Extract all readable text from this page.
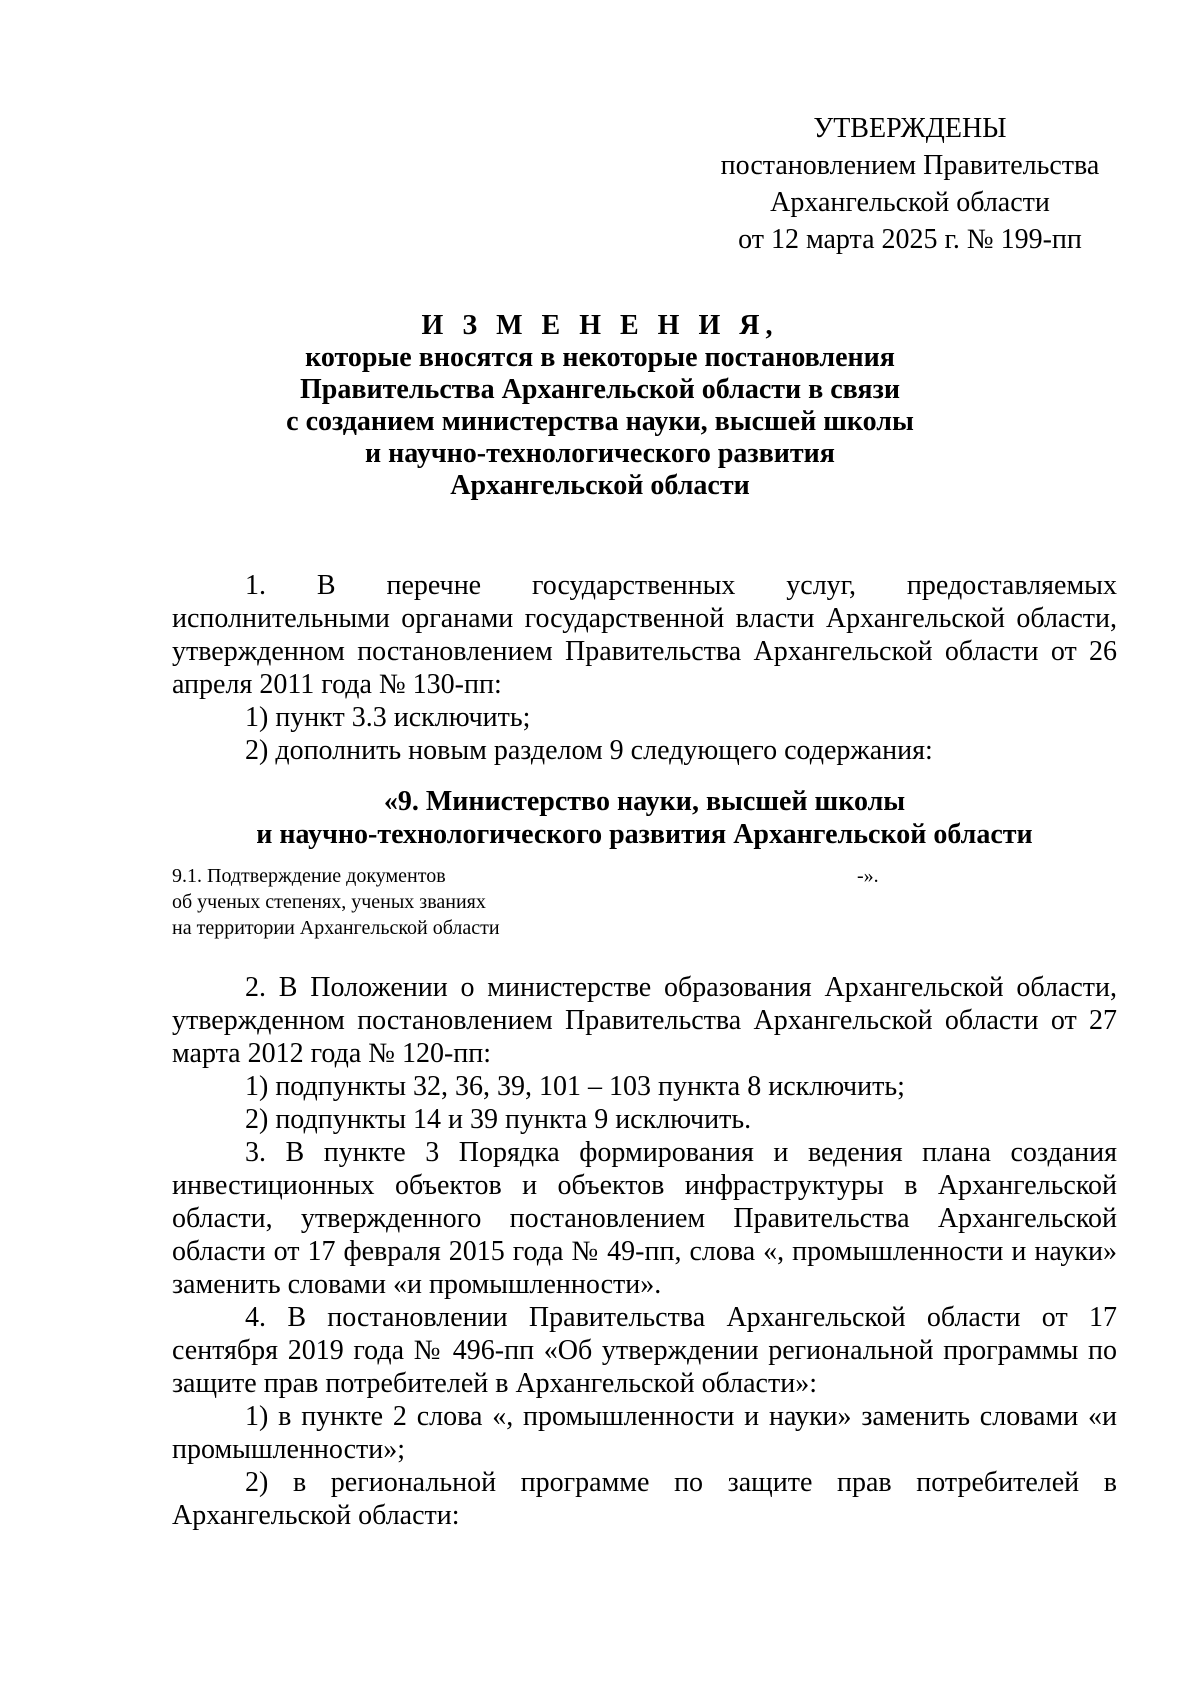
УТВЕРЖДЕНЫ
постановлением Правительства
Архангельской области
от 12 марта 2025 г. № 199-пп
И З М Е Н Е Н И Я,
которые вносятся в некоторые постановления
Правительства Архангельской области в связи
с созданием министерства науки, высшей школы
и научно-технологического развития
Архангельской области

1. В перечне государственных услуг, предоставляемых исполнительными органами государственной власти Архангельской области, утвержденном постановлением Правительства Архангельской области от 26 апреля 2011 года № 130-пп:

1) пункт 3.3 исключить;

2) дополнить новым разделом 9 следующего содержания:

«9. Министерство науки, высшей школы
и научно-технологического развития Архангельской области
9.1. Подтверждение документов
об ученых степенях, ученых званиях
на территории Архангельской области
-».

2. В Положении о министерстве образования Архангельской области, утвержденном постановлением Правительства Архангельской области от 27 марта 2012 года № 120-пп:

1) подпункты 32, 36, 39, 101 – 103 пункта 8 исключить;

2) подпункты 14 и 39 пункта 9 исключить.

3. В пункте 3 Порядка формирования и ведения плана создания инвестиционных объектов и объектов инфраструктуры в Архангельской области, утвержденного постановлением Правительства Архангельской области от 17 февраля 2015 года № 49-пп, слова «, промышленности и науки» заменить словами «и промышленности».

4. В постановлении Правительства Архангельской области от 17 сентября 2019 года № 496-пп «Об утверждении региональной программы по защите прав потребителей в Архангельской области»:

1) в пункте 2 слова «, промышленности и науки» заменить словами «и промышленности»;

2) в региональной программе по защите прав потребителей в Архангельской области:
